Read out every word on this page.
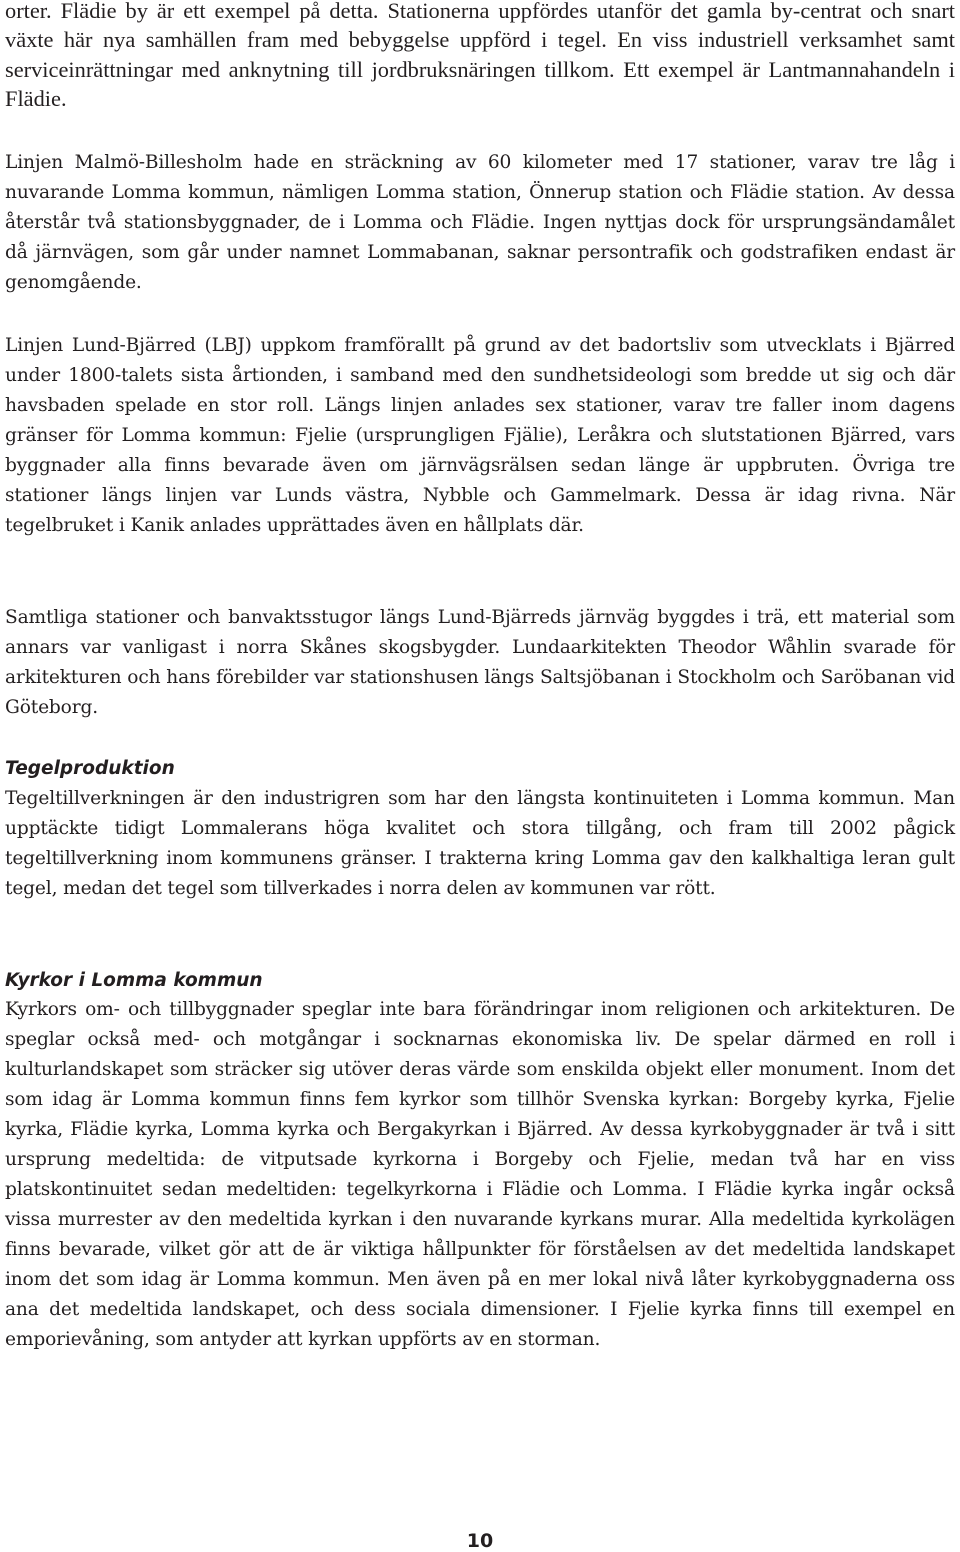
orter. Flädie by är ett exempel på detta. Stationerna uppfördes utanför det gamla by-centrat och snart växte här nya samhällen fram med bebyggelse uppförd i tegel. En viss industriell verksamhet samt serviceinrättningar med anknytning till jordbruksnäringen tillkom. Ett exempel är Lantmannahandeln i Flädie.

Linjen Malmö-Billesholm hade en sträckning av 60 kilometer med 17 stationer, varav tre låg i nuvarande Lomma kommun, nämligen Lomma station, Önnerup station och Flädie station. Av dessa återstår två stationsbyggnader, de i Lomma och Flädie. Ingen nyttjas dock för ursprungsändamålet då järnvägen, som går under namnet Lommabanan, saknar persontrafik och godstrafiken endast är genomgående.

Linjen Lund-Bjärred (LBJ) uppkom framförallt på grund av det badortsliv som utvecklats i Bjärred under 1800-talets sista årtionden, i samband med den sundhetsideologi som bredde ut sig och där havsbaden spelade en stor roll. Längs linjen anlades sex stationer, varav tre faller inom dagens gränser för Lomma kommun: Fjelie (ursprungligen Fjälie), Leråkra och slutstationen Bjärred, vars byggnader alla finns bevarade även om järnvägsrälsen sedan länge är uppbruten. Övriga tre stationer längs linjen var Lunds västra, Nybble och Gammelmark. Dessa är idag rivna. När tegelbruket i Kanik anlades upprättades även en hållplats där.

Samtliga stationer och banvaktsstugor längs Lund-Bjärreds järnväg byggdes i trä, ett material som annars var vanligast i norra Skånes skogsbygder. Lundaarkitekten Theodor Wåhlin svarade för arkitekturen och hans förebilder var stationshusen längs Saltsjöbanan i Stockholm och Saröbanan vid Göteborg.

Tegelproduktion

Tegeltillverkningen är den industrigren som har den längsta kontinuiteten i Lomma kommun. Man upptäckte tidigt Lommalerans höga kvalitet och stora tillgång, och fram till 2002 pågick tegeltillverkning inom kommunens gränser. I trakterna kring Lomma gav den kalkhaltiga leran gult tegel, medan det tegel som tillverkades i norra delen av kommunen var rött.

Kyrkor i Lomma kommun

Kyrkors om- och tillbyggnader speglar inte bara förändringar inom religionen och arkitekturen. De speglar också med- och motgångar i socknarnas ekonomiska liv. De spelar därmed en roll i kulturlandskapet som sträcker sig utöver deras värde som enskilda objekt eller monument. Inom det som idag är Lomma kommun finns fem kyrkor som tillhör Svenska kyrkan: Borgeby kyrka, Fjelie kyrka, Flädie kyrka, Lomma kyrka och Bergakyrkan i Bjärred. Av dessa kyrkobyggnader är två i sitt ursprung medeltida: de vitputsade kyrkorna i Borgeby och Fjelie, medan två har en viss platskontinuitet sedan medeltiden: tegelkyrkorna i Flädie och Lomma. I Flädie kyrka ingår också vissa murrester av den medeltida kyrkan i den nuvarande kyrkans murar. Alla medeltida kyrkolägen finns bevarade, vilket gör att de är viktiga hållpunkter för förståelsen av det medeltida landskapet inom det som idag är Lomma kommun. Men även på en mer lokal nivå låter kyrkobyggnaderna oss ana det medeltida landskapet, och dess sociala dimensioner. I Fjelie kyrka finns till exempel en emporievåning, som antyder att kyrkan uppförts av en storman.

10
